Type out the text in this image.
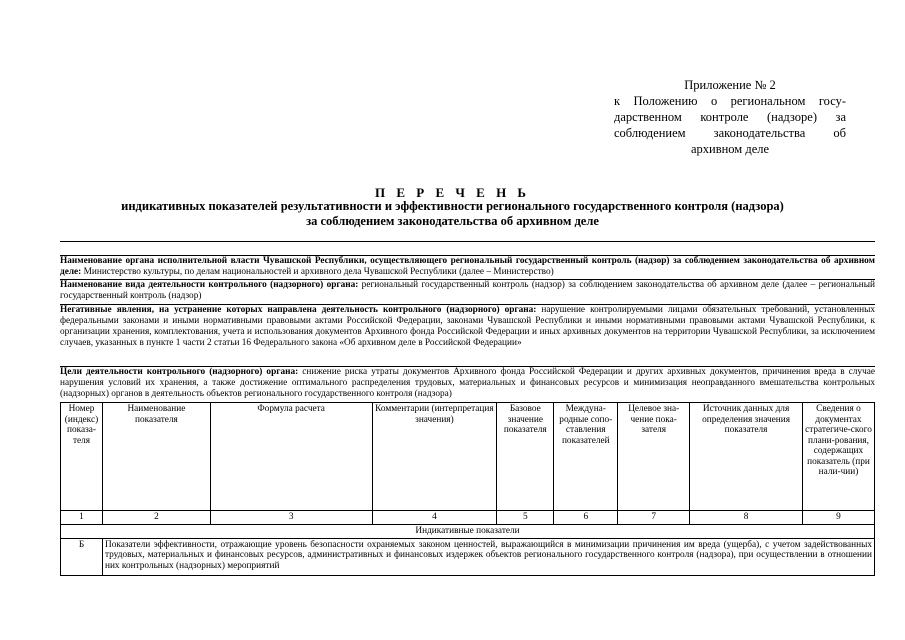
Приложение № 2
к Положению о региональном госу-
дарственном контроле (надзоре) за
соблюдением законодательства об
архивном деле
П Е Р Е Ч Е Н Ь
индикативных показателей результативности и эффективности регионального государственного контроля (надзора)
за соблюдением законодательства об архивном деле
Наименование органа исполнительной власти Чувашской Республики, осуществляющего региональный государственный контроль (надзор) за соблюдением законодательства об архивном деле: Министерство культуры, по делам национальностей и архивного дела Чувашской Республики (далее – Министерство)
Наименование вида деятельности контрольного (надзорного) органа: региональный государственный контроль (надзор) за соблюдением законодательства об архивном деле (далее – региональный государственный контроль (надзор)
Негативные явления, на устранение которых направлена деятельность контрольного (надзорного) органа: нарушение контролируемыми лицами обязательных требований, установленных федеральными законами и иными нормативными правовыми актами Российской Федерации, законами Чувашской Республики и иными нормативными правовыми актами Чувашской Республики, к организации хранения, комплектования, учета и использования документов Архивного фонда Российской Федерации и иных архивных документов на территории Чувашской Республики, за исключением случаев, указанных в пункте 1 части 2 статьи 16 Федерального закона «Об архивном деле в Российской Федерации»
Цели деятельности контрольного (надзорного) органа: снижение риска утраты документов Архивного фонда Российской Федерации и других архивных документов, причинения вреда в случае нарушения условий их хранения, а также достижение оптимального распределения трудовых, материальных и финансовых ресурсов и минимизация неоправданного вмешательства контрольных (надзорных) органов в деятельность объектов регионального государственного контроля (надзора)
Номер (индекс) показа-теля	Наименование показателя	Формула расчета	Комментарии (интерпретация значения)	Базовое значение показателя	Междуна-родные сопо-ставления показателей	Целевое зна-чение пока-зателя	Источник данных для определения значения показателя	Сведения о документах стратегиче-ского плани-рования, содержащих показатель (при нали-чии)
1	2	3	4	5	6	7	8	9
Индикативные показатели								
Б	Показатели эффективности, отражающие уровень безопасности охраняемых законом ценностей, выражающийся в минимизации причинения им вреда (ущерба), с учетом задействованных трудовых, материальных и финансовых ресурсов, административных и финансовых издержек объектов регионального государственного контроля (надзора), при осуществлении в отношении них контрольных (надзорных) мероприятий							
